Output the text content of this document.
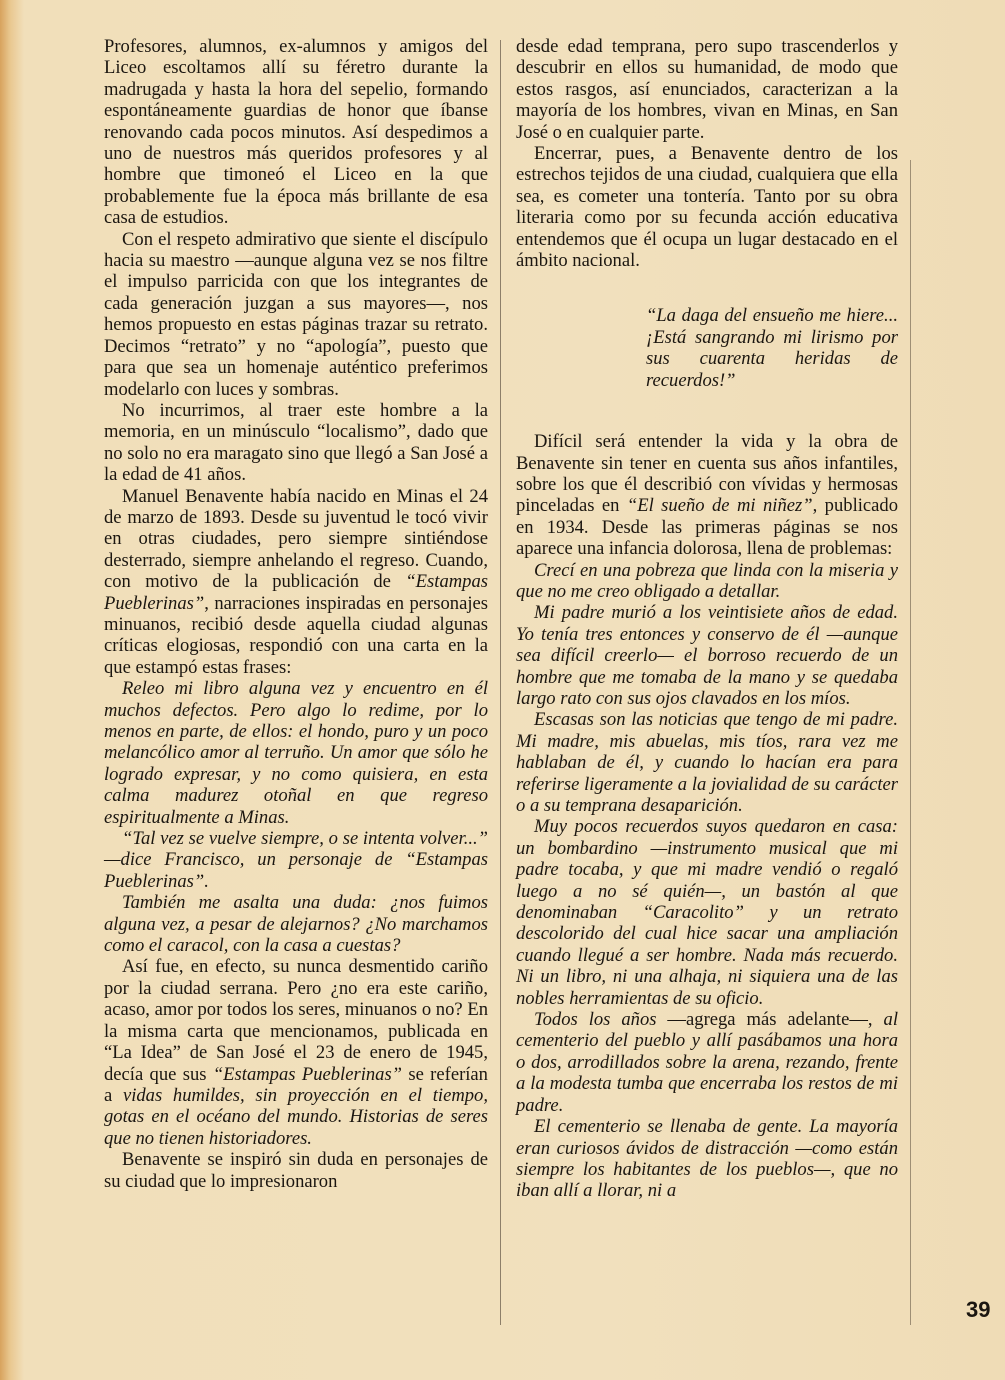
Profesores, alumnos, ex-alumnos y amigos del Liceo escoltamos allí su féretro durante la madrugada y hasta la hora del sepelio, formando espontáneamente guardias de honor que íbanse renovando cada pocos minutos. Así despedimos a uno de nuestros más queridos profesores y al hombre que timoneó el Liceo en la que probablemente fue la época más brillante de esa casa de estudios.

Con el respeto admirativo que siente el discípulo hacia su maestro —aunque alguna vez se nos filtre el impulso parricida con que los integrantes de cada generación juzgan a sus mayores—, nos hemos propuesto en estas páginas trazar su retrato. Decimos “retrato” y no “apología”, puesto que para que sea un homenaje auténtico preferimos modelarlo con luces y sombras.

No incurrimos, al traer este hombre a la memoria, en un minúsculo “localismo”, dado que no solo no era maragato sino que llegó a San José a la edad de 41 años.

Manuel Benavente había nacido en Minas el 24 de marzo de 1893. Desde su juventud le tocó vivir en otras ciudades, pero siempre sintiéndose desterrado, siempre anhelando el regreso. Cuando, con motivo de la publicación de “Estampas Pueblerinas”, narraciones inspiradas en personajes minuanos, recibió desde aquella ciudad algunas críticas elogiosas, respondió con una carta en la que estampó estas frases:

Releo mi libro alguna vez y encuentro en él muchos defectos. Pero algo lo redime, por lo menos en parte, de ellos: el hondo, puro y un poco melancólico amor al terruño. Un amor que sólo he logrado expresar, y no como quisiera, en esta calma madurez otoñal en que regreso espiritualmente a Minas.

“Tal vez se vuelve siempre, o se intenta volver...” —dice Francisco, un personaje de “Estampas Pueblerinas”.

También me asalta una duda: ¿nos fuimos alguna vez, a pesar de alejarnos? ¿No marchamos como el caracol, con la casa a cuestas?

Así fue, en efecto, su nunca desmentido cariño por la ciudad serrana. Pero ¿no era este cariño, acaso, amor por todos los seres, minuanos o no? En la misma carta que mencionamos, publicada en “La Idea” de San José el 23 de enero de 1945, decía que sus “Estampas Pueblerinas” se referían a vidas humildes, sin proyección en el tiempo, gotas en el océano del mundo. Historias de seres que no tienen historiadores.

Benavente se inspiró sin duda en personajes de su ciudad que lo impresionaron

desde edad temprana, pero supo trascenderlos y descubrir en ellos su humanidad, de modo que estos rasgos, así enunciados, caracterizan a la mayoría de los hombres, vivan en Minas, en San José o en cualquier parte.

Encerrar, pues, a Benavente dentro de los estrechos tejidos de una ciudad, cualquiera que ella sea, es cometer una tontería. Tanto por su obra literaria como por su fecunda acción educativa entendemos que él ocupa un lugar destacado en el ámbito nacional.

“La daga del ensueño me hiere... ¡Está sangrando mi lirismo por sus cuarenta heridas de recuerdos!”

Difícil será entender la vida y la obra de Benavente sin tener en cuenta sus años infantiles, sobre los que él describió con vívidas y hermosas pinceladas en “El sueño de mi niñez”, publicado en 1934. Desde las primeras páginas se nos aparece una infancia dolorosa, llena de problemas:

Crecí en una pobreza que linda con la miseria y que no me creo obligado a detallar.

Mi padre murió a los veintisiete años de edad. Yo tenía tres entonces y conservo de él —aunque sea difícil creerlo— el borroso recuerdo de un hombre que me tomaba de la mano y se quedaba largo rato con sus ojos clavados en los míos.

Escasas son las noticias que tengo de mi padre. Mi madre, mis abuelas, mis tíos, rara vez me hablaban de él, y cuando lo hacían era para referirse ligeramente a la jovialidad de su carácter o a su temprana desaparición.

Muy pocos recuerdos suyos quedaron en casa: un bombardino —instrumento musical que mi padre tocaba, y que mi madre vendió o regaló luego a no sé quién—, un bastón al que denominaban “Caracolito” y un retrato descolorido del cual hice sacar una ampliación cuando llegué a ser hombre. Nada más recuerdo. Ni un libro, ni una alhaja, ni siquiera una de las nobles herramientas de su oficio.

Todos los años —agrega más adelante—, al cementerio del pueblo y allí pasábamos una hora o dos, arrodillados sobre la arena, rezando, frente a la modesta tumba que encerraba los restos de mi padre.

El cementerio se llenaba de gente. La mayoría eran curiosos ávidos de distracción —como están siempre los habitantes de los pueblos—, que no iban allí a llorar, ni a

39
